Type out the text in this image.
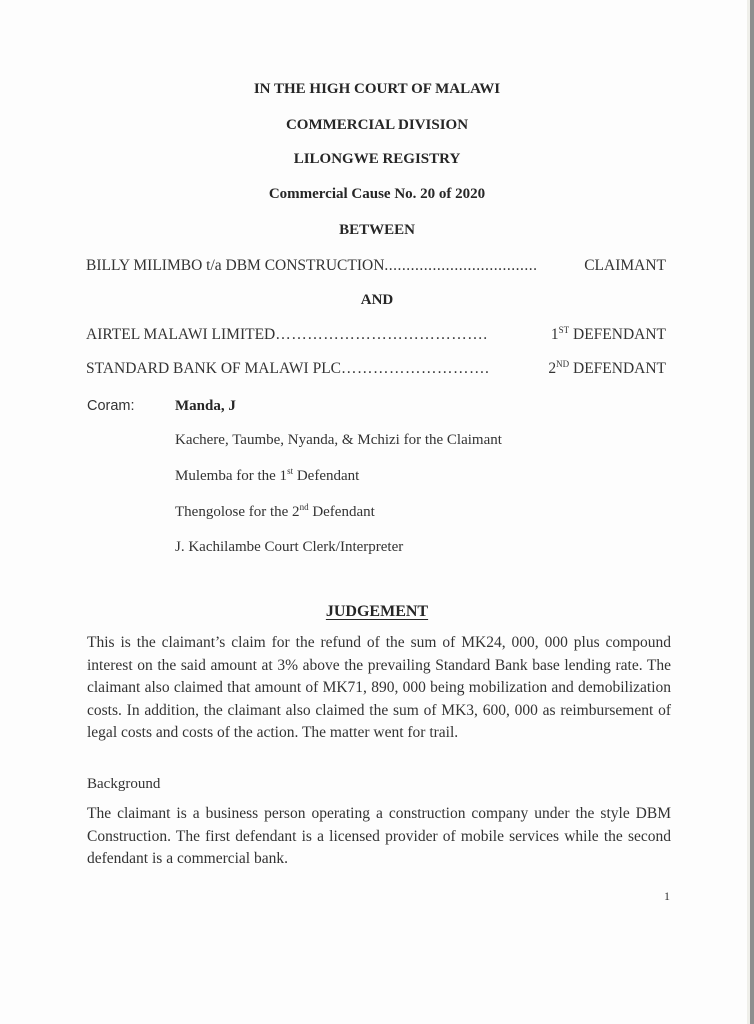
IN THE HIGH COURT OF MALAWI
COMMERCIAL DIVISION
LILONGWE REGISTRY
Commercial Cause No. 20 of 2020
BETWEEN
BILLY MILIMBO t/a DBM CONSTRUCTION ...................................	CLAIMANT
AND
AIRTEL MALAWI LIMITED ………………………………….	1ST DEFENDANT
STANDARD BANK OF MALAWI PLC ……………………….	2ND DEFENDANT
Coram:	Manda, J
Kachere, Taumbe, Nyanda, & Mchizi for the Claimant
Mulemba for the 1st Defendant
Thengolose for the 2nd Defendant
J. Kachilambe Court Clerk/Interpreter
JUDGEMENT
This is the claimant’s claim for the refund of the sum of MK24, 000, 000 plus compound interest on the said amount at 3% above the prevailing Standard Bank base lending rate. The claimant also claimed that amount of MK71, 890, 000 being mobilization and demobilization costs. In addition, the claimant also claimed the sum of MK3, 600, 000 as reimbursement of legal costs and costs of the action. The matter went for trail.
Background
The claimant is a business person operating a construction company under the style DBM Construction. The first defendant is a licensed provider of mobile services while the second defendant is a commercial bank.
1
